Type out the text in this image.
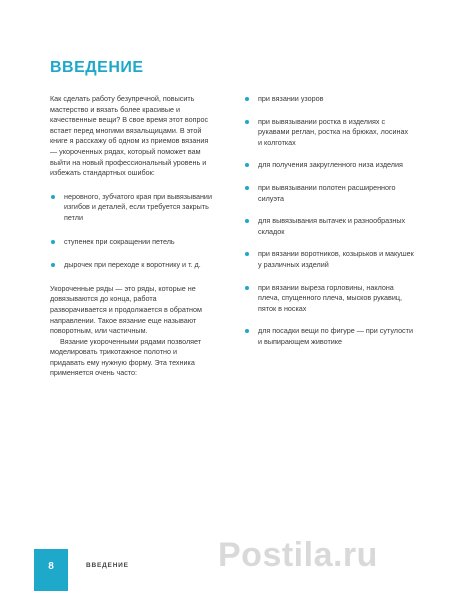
ВВЕДЕНИЕ

Как сделать работу безупречной, повысить мастерство и вязать более красивые и качественные вещи? В свое время этот вопрос встает перед многими вязальщицами. В этой книге я расскажу об одном из приемов вязания — укороченных рядах, который поможет вам выйти на новый профессиональный уровень и избежать стандартных ошибок:

неровного, зубчатого края при вывязывании изгибов и деталей, если требуется закрыть петли
ступенек при сокращении петель
дырочек при переходе к воротнику и т. д.

Укороченные ряды — это ряды, которые не довязываются до конца, работа разворачивается и продолжается в обратном направлении. Такое вязание еще называют поворотным, или частичным.

Вязание укороченными рядами позволяет моделировать трикотажное полотно и придавать ему нужную форму. Эта техника применяется очень часто:

при вязании узоров
при вывязывании ростка в изделиях с рукавами реглан, ростка на брюках, лосинах и колготках
для получения закругленного низа изделия
при вывязывании полотен расширенного силуэта
для вывязывания вытачек и разнообразных складок
при вязании воротников, козырьков и макушек у различных изделий
при вязании выреза горловины, наклона плеча, спущенного плеча, мысков рукавиц, пяток в носках
для посадки вещи по фигуре — при сутулости и выпирающем животике
8	ВВЕДЕНИЕ	Postila.ru
